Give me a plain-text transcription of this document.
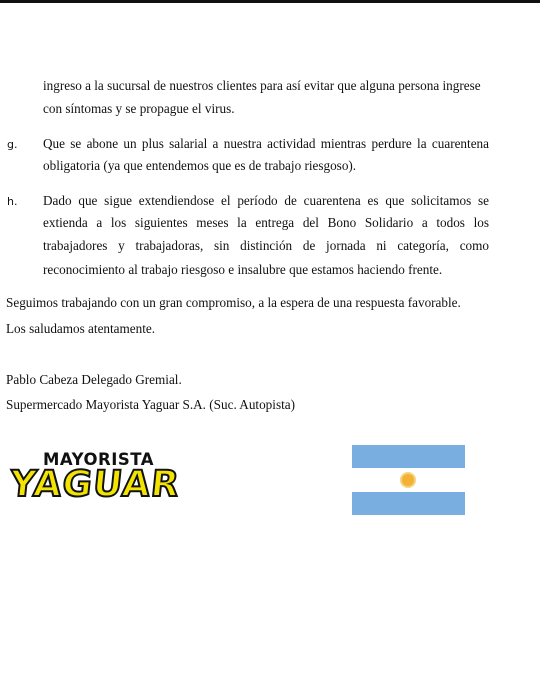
ingreso a la sucursal de nuestros clientes para así evitar que alguna persona ingrese
con síntomas y se propague el virus.
g. Que se abone un plus salarial a nuestra actividad mientras perdure la cuarentena
obligatoria (ya que entendemos que es de trabajo riesgoso).
h. Dado que sigue extendiendose el período de cuarentena es que solicitamos se
extienda a los siguientes meses la entrega del Bono Solidario a todos los
trabajadores y trabajadoras, sin distinción de jornada ni categoría, como
reconocimiento al trabajo riesgoso e insalubre que estamos haciendo frente.
Seguimos trabajando con un gran compromiso, a la espera de una respuesta favorable.
Los saludamos atentamente.
Pablo Cabeza Delegado Gremial.
Supermercado Mayorista Yaguar S.A. (Suc. Autopista)
MAYORISTA
YAGUAR
